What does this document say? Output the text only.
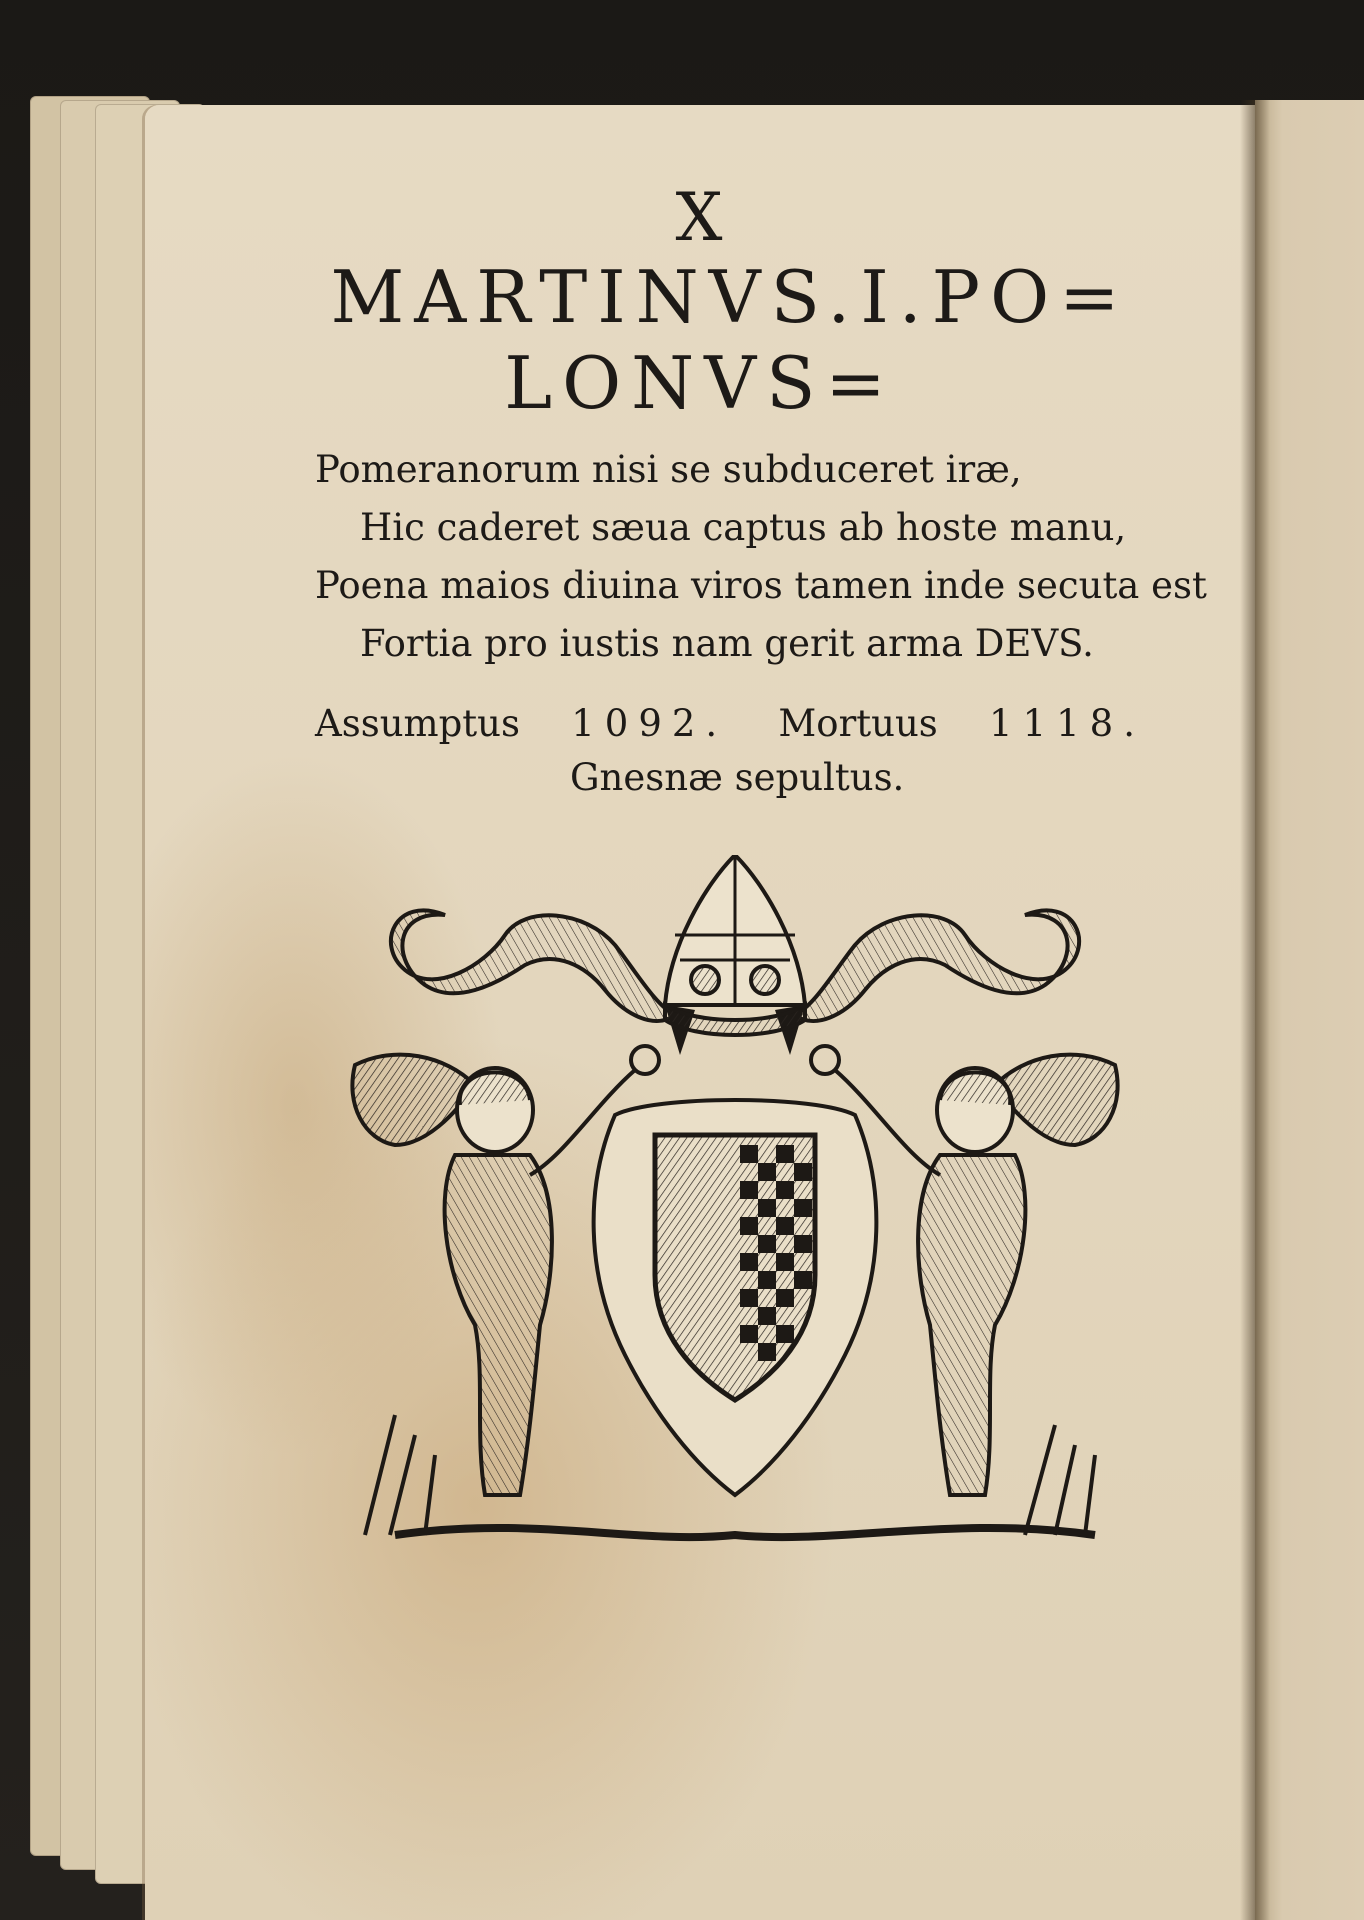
X
MARTINVS.I.PO=
LONVS=
Pomeranorum nisi se subduceret iræ,
Hic caderet sæua captus ab hoste manu,
Poena maios diuina viros tamen inde secuta est
Fortia pro iustis nam gerit arma DEVS.
Assumptus 1092. Mortuus 1118.
Gnesnæ sepultus.
